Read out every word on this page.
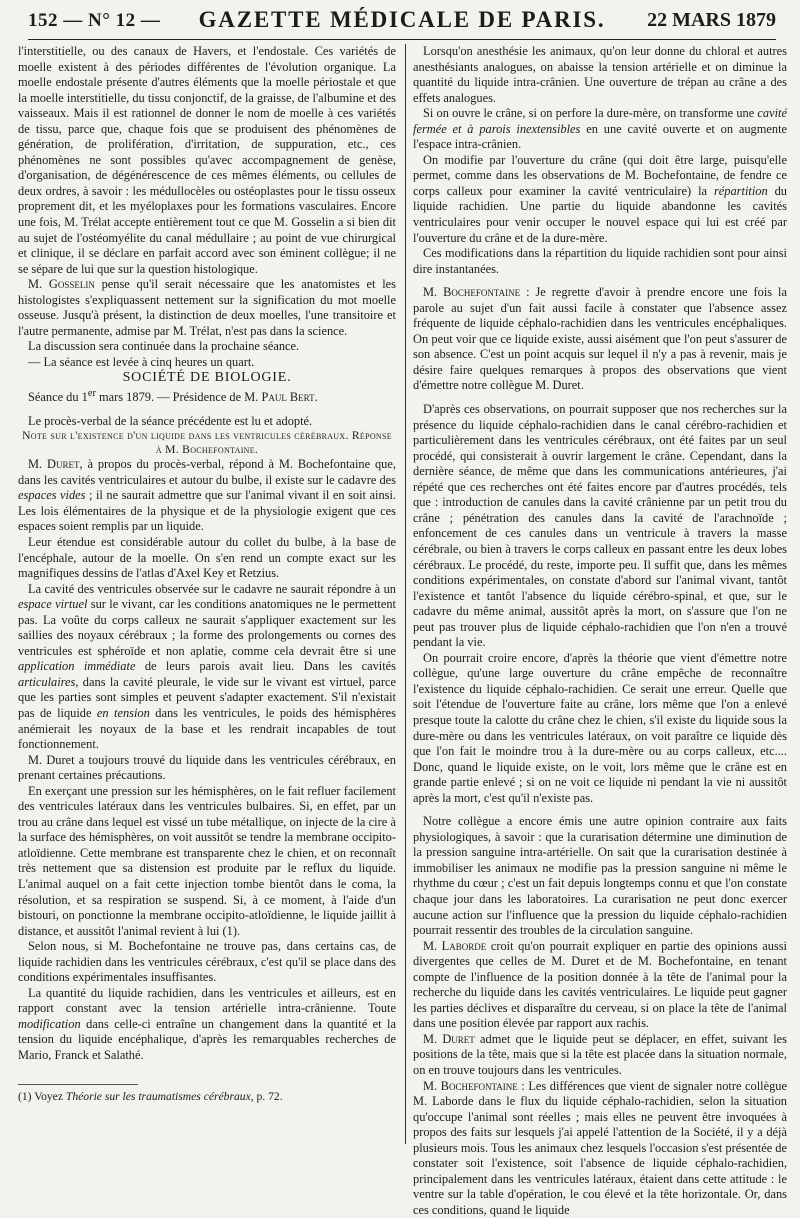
152 — N° 12 —	GAZETTE MÉDICALE DE PARIS.	22 MARS 1879

l'interstitielle, ou des canaux de Havers, et l'endostale. Ces variétés de moelle existent à des périodes différentes de l'évolution organique. La moelle endostale présente d'autres éléments que la moelle périostale et que la moelle interstitielle, du tissu conjonctif, de la graisse, de l'albumine et des vaisseaux. Mais il est rationnel de donner le nom de moelle à ces variétés de tissu, parce que, chaque fois que se produisent des phénomènes de génération, de prolifération, d'irritation, de suppuration, etc., ces phénomènes ne sont possibles qu'avec accompagnement de genèse, d'organisation, de dégénérescence de ces mêmes éléments, ou cellules de deux ordres, à savoir : les médullocèles ou ostéoplastes pour le tissu osseux proprement dit, et les myéloplaxes pour les formations vasculaires. Encore une fois, M. Trélat accepte entièrement tout ce que M. Gosselin a si bien dit au sujet de l'ostéomyélite du canal médullaire ; au point de vue chirurgical et clinique, il se déclare en parfait accord avec son éminent collègue; il ne se sépare de lui que sur la question histologique.

M. Gosselin pense qu'il serait nécessaire que les anatomistes et les histologistes s'expliquassent nettement sur la signification du mot moelle osseuse. Jusqu'à présent, la distinction de deux moelles, l'une transitoire et l'autre permanente, admise par M. Trélat, n'est pas dans la science.

La discussion sera continuée dans la prochaine séance.

— La séance est levée à cinq heures un quart.

SOCIÉTÉ DE BIOLOGIE.

Séance du 1er mars 1879. — Présidence de M. Paul Bert.

Le procès-verbal de la séance précédente est lu et adopté.

Note sur l'existence d'un liquide dans les ventricules cérébraux. Réponse à M. Bochefontaine.

M. Duret, à propos du procès-verbal, répond à M. Bochefontaine que, dans les cavités ventriculaires et autour du bulbe, il existe sur le cadavre des espaces vides ; il ne saurait admettre que sur l'animal vivant il en soit ainsi. Les lois élémentaires de la physique et de la physiologie exigent que ces espaces soient remplis par un liquide.

Leur étendue est considérable autour du collet du bulbe, à la base de l'encéphale, autour de la moelle. On s'en rend un compte exact sur les magnifiques dessins de l'atlas d'Axel Key et Retzius.

La cavité des ventricules observée sur le cadavre ne saurait répondre à un espace virtuel sur le vivant, car les conditions anatomiques ne le permettent pas. La voûte du corps calleux ne saurait s'appliquer exactement sur les saillies des noyaux cérébraux ; la forme des prolongements ou cornes des ventricules est sphéroïde et non aplatie, comme cela devrait être si une application immédiate de leurs parois avait lieu. Dans les cavités articulaires, dans la cavité pleurale, le vide sur le vivant est virtuel, parce que les parties sont simples et peuvent s'adapter exactement. S'il n'existait pas de liquide en tension dans les ventricules, le poids des hémisphères anémierait les noyaux de la base et les rendrait incapables de tout fonctionnement.

M. Duret a toujours trouvé du liquide dans les ventricules cérébraux, en prenant certaines précautions.

En exerçant une pression sur les hémisphères, on le fait refluer facilement des ventricules latéraux dans les ventricules bulbaires. Si, en effet, par un trou au crâne dans lequel est vissé un tube métallique, on injecte de la cire à la surface des hémisphères, on voit aussitôt se tendre la membrane occipito-atloïdienne. Cette membrane est transparente chez le chien, et on reconnaît très nettement que sa distension est produite par le reflux du liquide. L'animal auquel on a fait cette injection tombe bientôt dans le coma, la résolution, et sa respiration se suspend. Si, à ce moment, à l'aide d'un bistouri, on ponctionne la membrane occipito-atloïdienne, le liquide jaillit à distance, et aussitôt l'animal revient à lui (1).

Selon nous, si M. Bochefontaine ne trouve pas, dans certains cas, de liquide rachidien dans les ventricules cérébraux, c'est qu'il se place dans des conditions expérimentales insuffisantes.

La quantité du liquide rachidien, dans les ventricules et ailleurs, est en rapport constant avec la tension artérielle intra-crânienne. Toute modification dans celle-ci entraîne un changement dans la quantité et la tension du liquide encéphalique, d'après les remarquables recherches de Mario, Franck et Salathé.

(1) Voyez Théorie sur les traumatismes cérébraux, p. 72.

Lorsqu'on anesthésie les animaux, qu'on leur donne du chloral et autres anesthésiants analogues, on abaisse la tension artérielle et on diminue la quantité du liquide intra-crânien. Une ouverture de trépan au crâne a des effets analogues.

Si on ouvre le crâne, si on perfore la dure-mère, on transforme une cavité fermée et à parois inextensibles en une cavité ouverte et on augmente l'espace intra-crânien.

On modifie par l'ouverture du crâne (qui doit être large, puisqu'elle permet, comme dans les observations de M. Bochefontaine, de fendre ce corps calleux pour examiner la cavité ventriculaire) la répartition du liquide rachidien. Une partie du liquide abandonne les cavités ventriculaires pour venir occuper le nouvel espace qui lui est créé par l'ouverture du crâne et de la dure-mère.

Ces modifications dans la répartition du liquide rachidien sont pour ainsi dire instantanées.

M. Bochefontaine : Je regrette d'avoir à prendre encore une fois la parole au sujet d'un fait aussi facile à constater que l'absence assez fréquente de liquide céphalo-rachidien dans les ventricules encéphaliques. On peut voir que ce liquide existe, aussi aisément que l'on peut s'assurer de son absence. C'est un point acquis sur lequel il n'y a pas à revenir, mais je désire faire quelques remarques à propos des observations que vient d'émettre notre collègue M. Duret.

D'après ces observations, on pourrait supposer que nos recherches sur la présence du liquide céphalo-rachidien dans le canal cérébro-rachidien et particulièrement dans les ventricules cérébraux, ont été faites par un seul procédé, qui consisterait à ouvrir largement le crâne. Cependant, dans la dernière séance, de même que dans les communications antérieures, j'ai répété que ces recherches ont été faites encore par d'autres procédés, tels que : introduction de canules dans la cavité crânienne par un petit trou du crâne ; pénétration des canules dans la cavité de l'arachnoïde ; enfoncement de ces canules dans un ventricule à travers la masse cérébrale, ou bien à travers le corps calleux en passant entre les deux lobes cérébraux. Le procédé, du reste, importe peu. Il suffit que, dans les mêmes conditions expérimentales, on constate d'abord sur l'animal vivant, tantôt l'existence et tantôt l'absence du liquide cérébro-spinal, et que, sur le cadavre du même animal, aussitôt après la mort, on s'assure que l'on ne peut pas trouver plus de liquide céphalo-rachidien que l'on n'en a trouvé pendant la vie.

On pourrait croire encore, d'après la théorie que vient d'émettre notre collègue, qu'une large ouverture du crâne empêche de reconnaître l'existence du liquide céphalo-rachidien. Ce serait une erreur. Quelle que soit l'étendue de l'ouverture faite au crâne, lors même que l'on a enlevé presque toute la calotte du crâne chez le chien, s'il existe du liquide sous la dure-mère ou dans les ventricules latéraux, on voit paraître ce liquide dès que l'on fait le moindre trou à la dure-mère ou au corps calleux, etc.... Donc, quand le liquide existe, on le voit, lors même que le crâne est en grande partie enlevé ; si on ne voit ce liquide ni pendant la vie ni aussitôt après la mort, c'est qu'il n'existe pas.

Notre collègue a encore émis une autre opinion contraire aux faits physiologiques, à savoir : que la curarisation détermine une diminution de la pression sanguine intra-artérielle. On sait que la curarisation destinée à immobiliser les animaux ne modifie pas la pression sanguine ni même le rhythme du cœur ; c'est un fait depuis longtemps connu et que l'on constate chaque jour dans les laboratoires. La curarisation ne peut donc exercer aucune action sur l'influence que la pression du liquide céphalo-rachidien pourrait ressentir des troubles de la circulation sanguine.

M. Laborde croit qu'on pourrait expliquer en partie des opinions aussi divergentes que celles de M. Duret et de M. Bochefontaine, en tenant compte de l'influence de la position donnée à la tête de l'animal pour la recherche du liquide dans les cavités ventriculaires. Le liquide peut gagner les parties déclives et disparaître du cerveau, si on place la tête de l'animal dans une position élevée par rapport aux rachis.

M. Duret admet que le liquide peut se déplacer, en effet, suivant les positions de la tête, mais que si la tête est placée dans la situation normale, on en trouve toujours dans les ventricules.

M. Bochefontaine : Les différences que vient de signaler notre collègue M. Laborde dans le flux du liquide céphalo-rachidien, selon la situation qu'occupe l'animal sont réelles ; mais elles ne peuvent être invoquées à propos des faits sur lesquels j'ai appelé l'attention de la Société, il y a déjà plusieurs mois. Tous les animaux chez lesquels l'occasion s'est présentée de constater soit l'existence, soit l'absence de liquide céphalo-rachidien, principalement dans les ventricules latéraux, étaient dans cette attitude : le ventre sur la table d'opération, le cou élevé et la tête horizontale. Or, dans ces conditions, quand le liquide
